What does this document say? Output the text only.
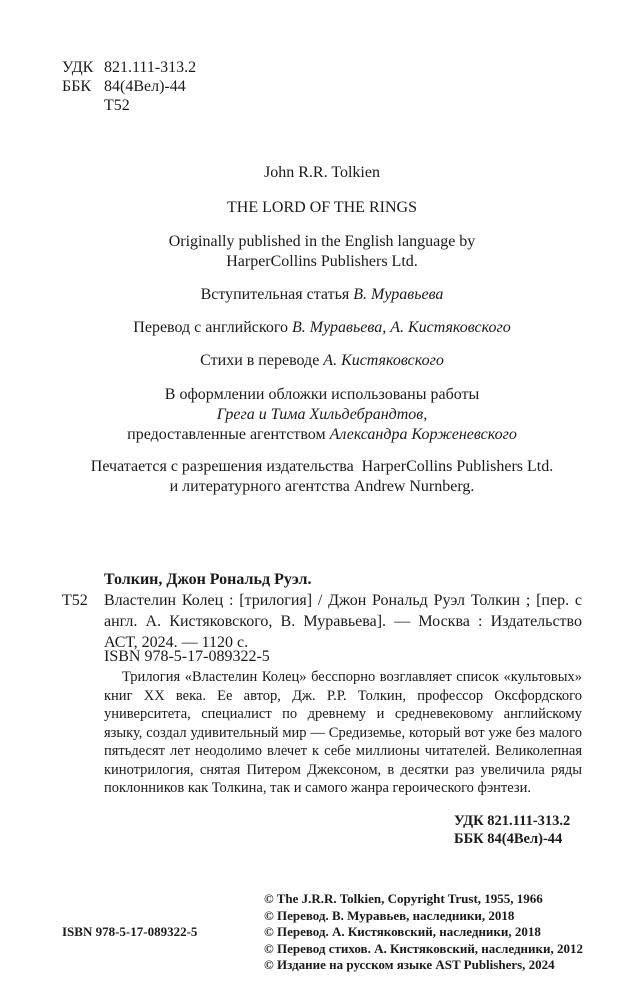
УДК 821.111-313.2
ББК 84(4Вел)-44
Т52
John R.R. Tolkien
THE LORD OF THE RINGS
Originally published in the English language by
HarperCollins Publishers Ltd.
Вступительная статья В. Муравьева
Перевод с английского В. Муравьева, А. Кистяковского
Стихи в переводе А. Кистяковского
В оформлении обложки использованы работы
Грега и Тима Хильдебрандтов,
предоставленные агентством Александра Корженевского
Печатается с разрешения издательства  HarperCollins Publishers Ltd.
и литературного агентства Andrew Nurnberg.
Толкин, Джон Рональд Руэл.
Т52	Властелин Колец : [трилогия] / Джон Рональд Руэл Толкин ; [пер. с англ. А. Кистяковского, В. Муравьева]. — Москва : Издательство АСТ, 2024. — 1120 с.
ISBN 978-5-17-089322-5
Трилогия «Властелин Колец» бесспорно возглавляет список «культовых» книг XX века. Ее автор, Дж. Р.Р. Толкин, профессор Оксфордского университета, специалист по древнему и средневековому английскому языку, создал удивительный мир — Средиземье, который вот уже без малого пятьдесят лет неодолимо влечет к себе миллионы читателей. Великолепная кинотрилогия, снятая Питером Джексоном, в десятки раз увеличила ряды поклонников как Толкина, так и самого жанра героического фэнтези.
УДК 821.111-313.2
ББК 84(4Вел)-44
© The J.R.R. Tolkien, Copyright Trust, 1955, 1966
© Перевод. В. Муравьев, наследники, 2018
© Перевод. А. Кистяковский, наследники, 2018
© Перевод стихов. А. Кистяковский, наследники, 2012
© Издание на русском языке AST Publishers, 2024
ISBN 978-5-17-089322-5
